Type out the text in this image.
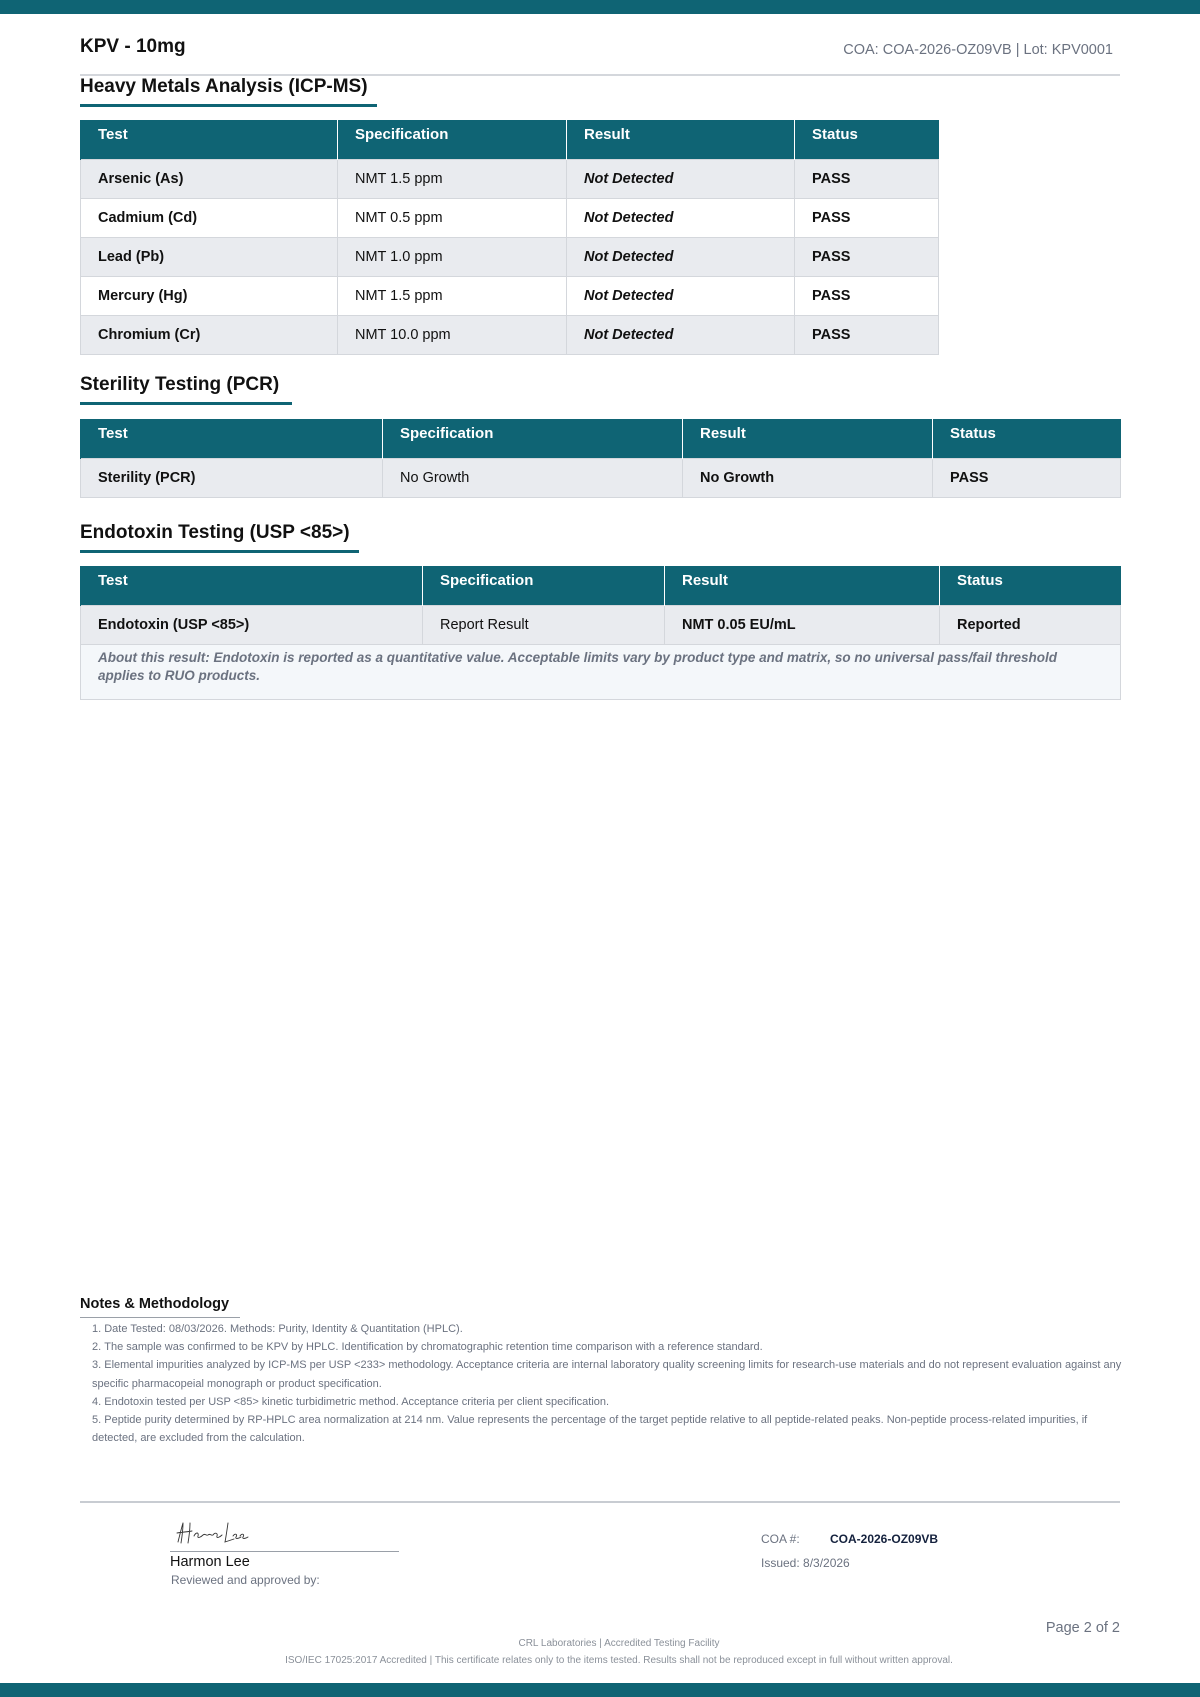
KPV - 10mg	COA: COA-2026-OZ09VB | Lot: KPV0001
Heavy Metals Analysis (ICP-MS)
Test	Specification	Result	Status
Arsenic (As)	NMT 1.5 ppm	Not Detected	PASS
Cadmium (Cd)	NMT 0.5 ppm	Not Detected	PASS
Lead (Pb)	NMT 1.0 ppm	Not Detected	PASS
Mercury (Hg)	NMT 1.5 ppm	Not Detected	PASS
Chromium (Cr)	NMT 10.0 ppm	Not Detected	PASS
Sterility Testing (PCR)
Test	Specification	Result	Status
Sterility (PCR)	No Growth	No Growth	PASS
Endotoxin Testing (USP <85>)
Test	Specification	Result	Status
Endotoxin (USP <85>)	Report Result	NMT 0.05 EU/mL	Reported
About this result: Endotoxin is reported as a quantitative value. Acceptable limits vary by product type and matrix, so no universal pass/fail threshold applies to RUO products.			
Notes & Methodology
1. Date Tested: 08/03/2026. Methods: Purity, Identity & Quantitation (HPLC).
2. The sample was confirmed to be KPV by HPLC. Identification by chromatographic retention time comparison with a reference standard.
3. Elemental impurities analyzed by ICP-MS per USP <233> methodology. Acceptance criteria are internal laboratory quality screening limits for research-use materials and do not represent evaluation against any specific pharmacopeial monograph or product specification.
4. Endotoxin tested per USP <85> kinetic turbidimetric method. Acceptance criteria per client specification.
5. Peptide purity determined by RP-HPLC area normalization at 214 nm. Value represents the percentage of the target peptide relative to all peptide-related peaks. Non-peptide process-related impurities, if detected, are excluded from the calculation.
Harmon Lee
Reviewed and approved by:
COA #:	COA-2026-OZ09VB
Issued: 8/3/2026
Page 2 of 2
CRL Laboratories | Accredited Testing Facility
ISO/IEC 17025:2017 Accredited | This certificate relates only to the items tested. Results shall not be reproduced except in full without written approval.
